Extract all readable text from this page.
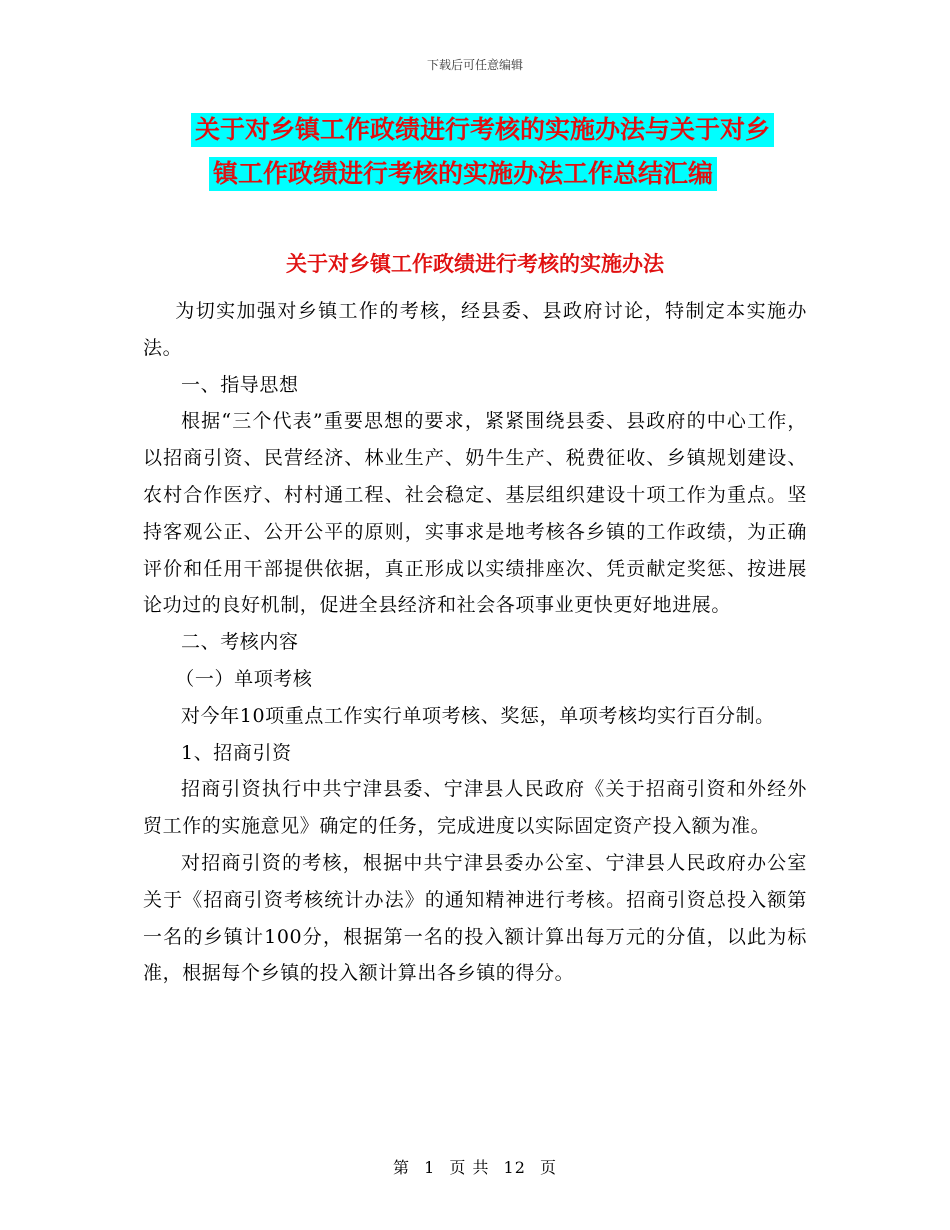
下载后可任意编辑
关于对乡镇工作政绩进行考核的实施办法与关于对乡
镇工作政绩进行考核的实施办法工作总结汇编
关于对乡镇工作政绩进行考核的实施办法

为切实加强对乡镇工作的考核，经县委、县政府讨论，特制定本实施办法。

一、指导思想

根据“三个代表”重要思想的要求，紧紧围绕县委、县政府的中心工作，以招商引资、民营经济、林业生产、奶牛生产、税费征收、乡镇规划建设、农村合作医疗、村村通工程、社会稳定、基层组织建设十项工作为重点。坚持客观公正、公开公平的原则，实事求是地考核各乡镇的工作政绩，为正确评价和任用干部提供依据，真正形成以实绩排座次、凭贡献定奖惩、按进展论功过的良好机制，促进全县经济和社会各项事业更快更好地进展。

二、考核内容

（一）单项考核

对今年10项重点工作实行单项考核、奖惩，单项考核均实行百分制。

1、招商引资

招商引资执行中共宁津县委、宁津县人民政府《关于招商引资和外经外贸工作的实施意见》确定的任务，完成进度以实际固定资产投入额为准。

对招商引资的考核，根据中共宁津县委办公室、宁津县人民政府办公室关于《招商引资考核统计办法》的通知精神进行考核。招商引资总投入额第一名的乡镇计100分，根据第一名的投入额计算出每万元的分值，以此为标准，根据每个乡镇的投入额计算出各乡镇的得分。

第 1 页 共 12 页
